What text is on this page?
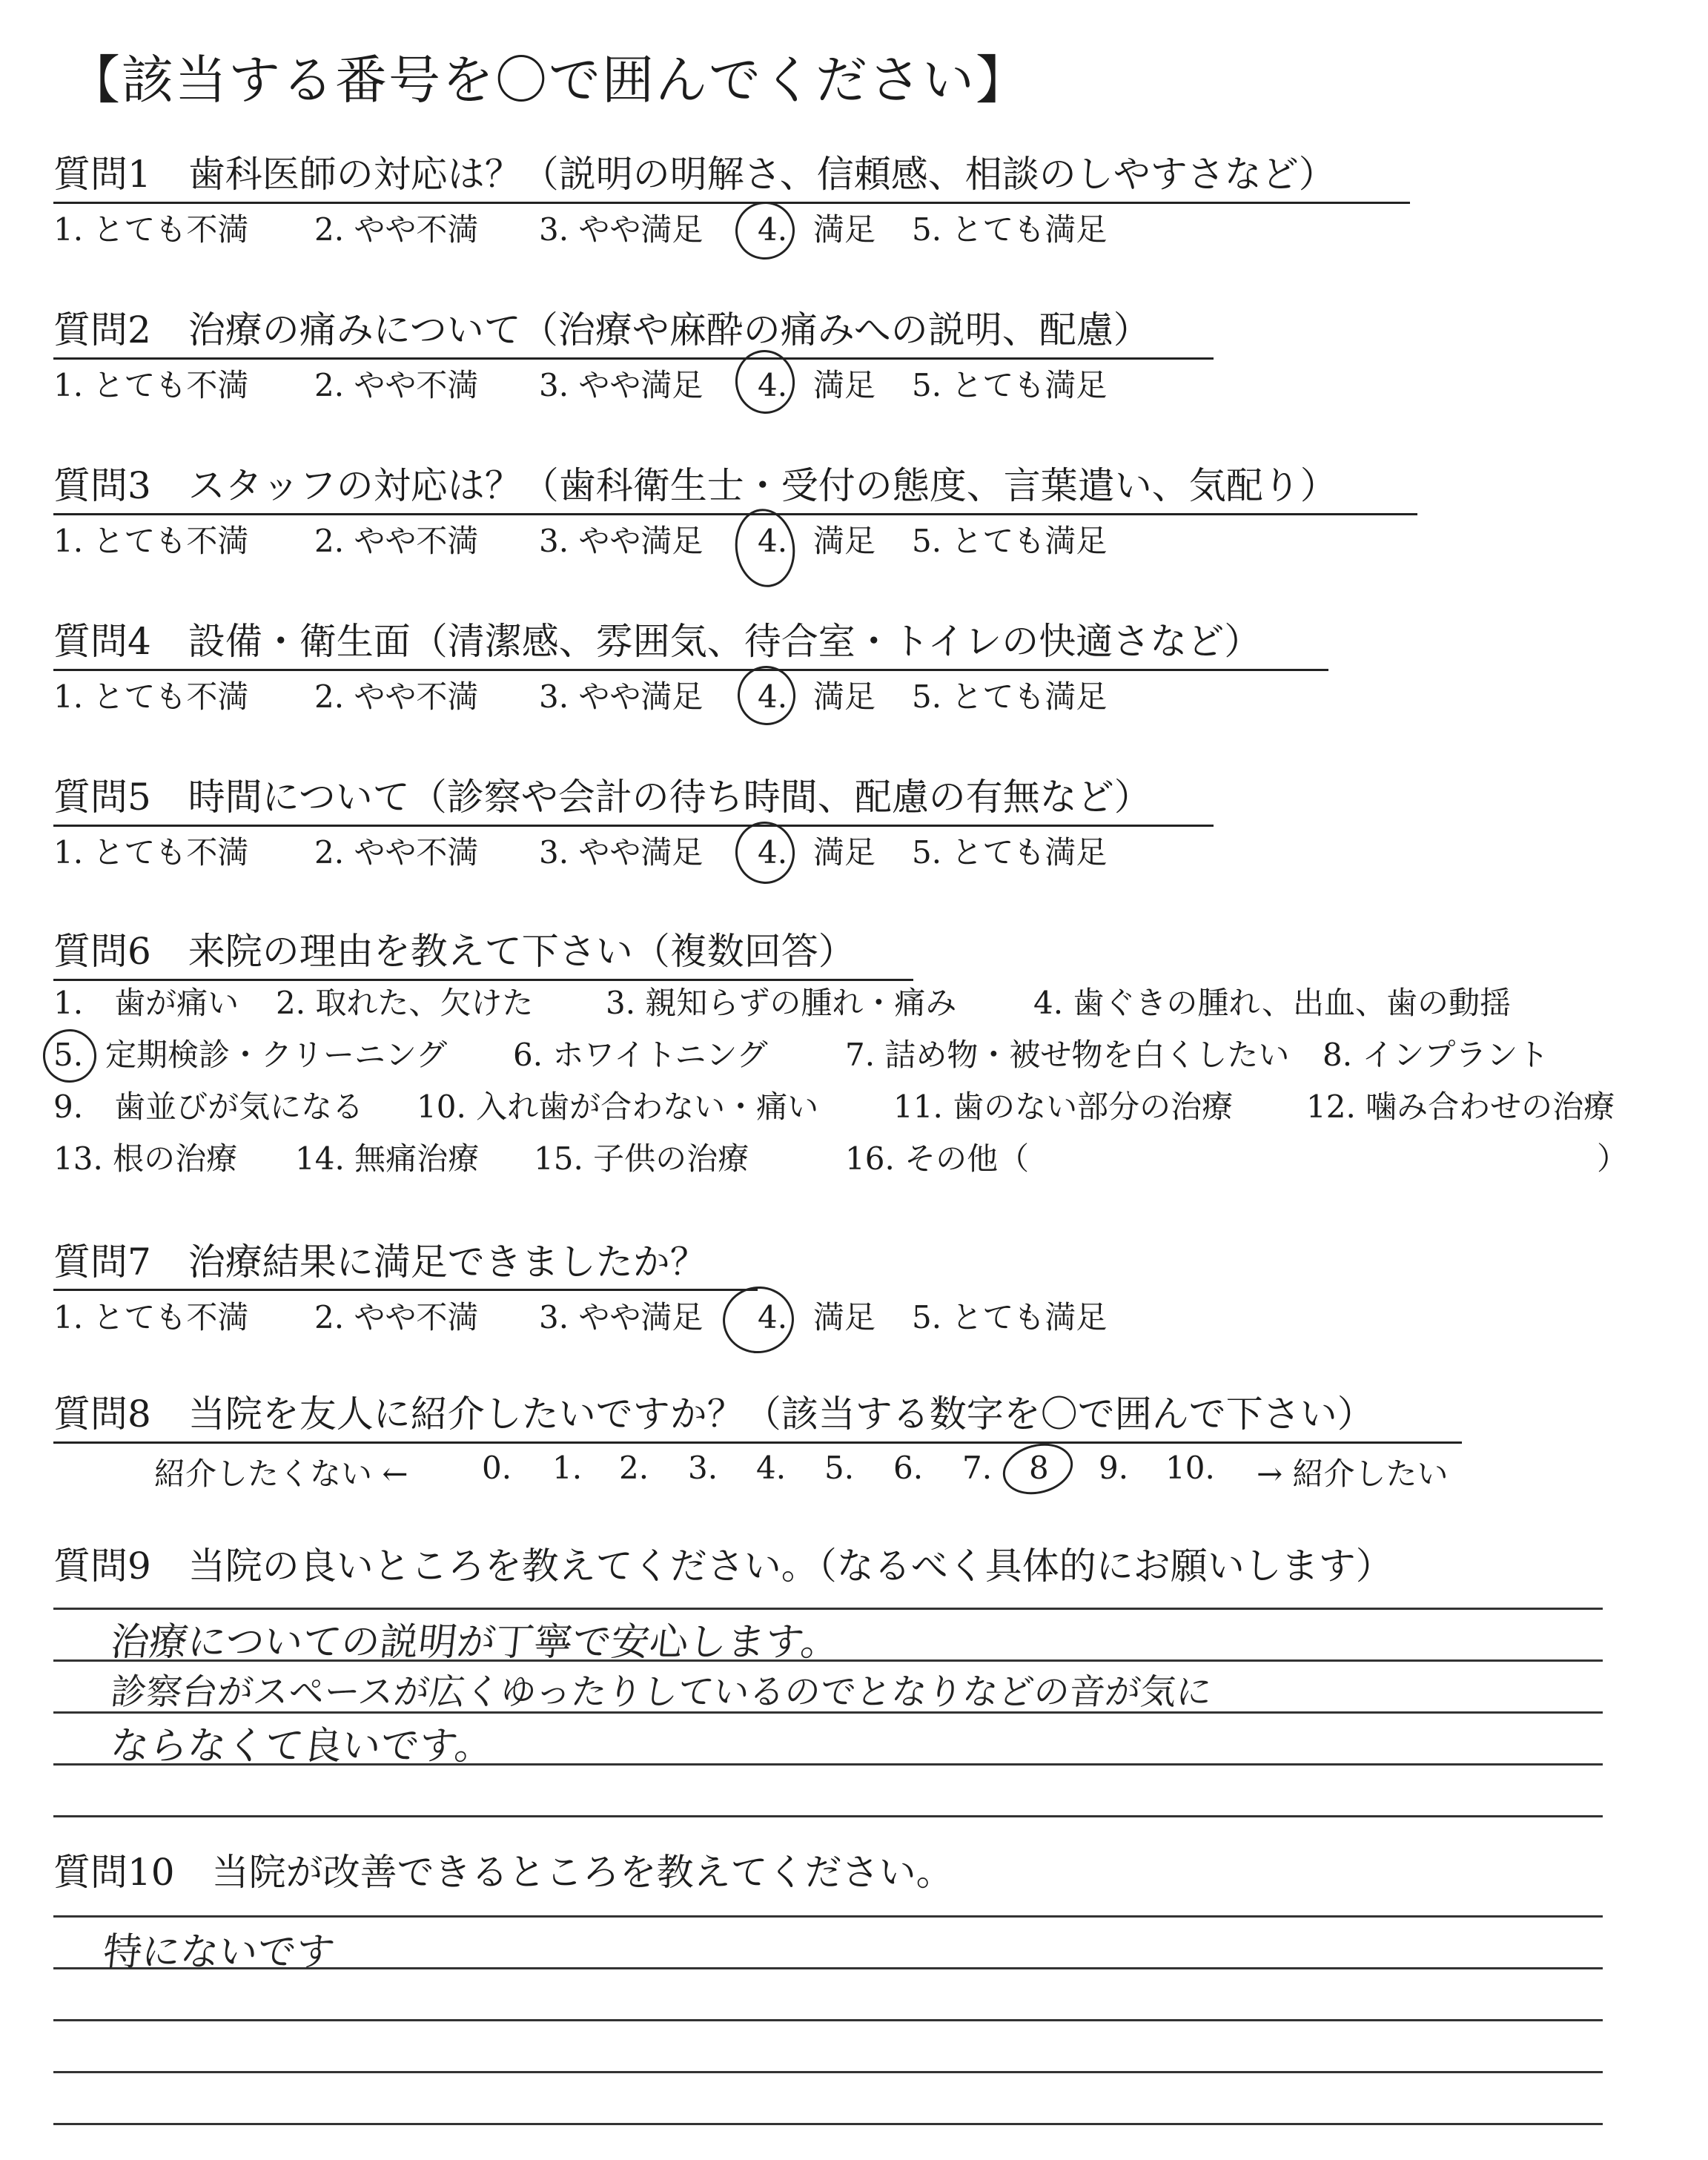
【該当する番号を〇で囲んでください】
質問1　歯科医師の対応は？（説明の明解さ、信頼感、相談のしやすさなど）
1. とても不満 2. やや不満 3. やや満足 4. 満足 5. とても満足
質問2　治療の痛みについて（治療や麻酔の痛みへの説明、配慮）
1. とても不満 2. やや不満 3. やや満足 4. 満足 5. とても満足
質問3　スタッフの対応は？（歯科衛生士・受付の態度、言葉遣い、気配り）
1. とても不満 2. やや不満 3. やや満足 4. 満足 5. とても満足
質問4　設備・衛生面（清潔感、雰囲気、待合室・トイレの快適さなど）
1. とても不満 2. やや不満 3. やや満足 4. 満足 5. とても満足
質問5　時間について（診察や会計の待ち時間、配慮の有無など）
1. とても不満 2. やや不満 3. やや満足 4. 満足 5. とても満足
質問6　来院の理由を教えて下さい（複数回答）
1.　歯が痛い 2. 取れた、欠けた 3. 親知らずの腫れ・痛み 4. 歯ぐきの腫れ、出血、歯の動揺
5. 定期検診・クリーニング 6. ホワイトニング 7. 詰め物・被せ物を白くしたい 8. インプラント
9.　歯並びが気になる 10. 入れ歯が合わない・痛い 11. 歯のない部分の治療 12. 噛み合わせの治療
13. 根の治療 14. 無痛治療 15. 子供の治療	16. その他（	）
質問7　治療結果に満足できましたか？
1. とても不満 2. やや不満 3. やや満足 4. 満足 5. とても満足
質問8　当院を友人に紹介したいですか？（該当する数字を〇で囲んで下さい）
紹介したくない ← 0. 1. 2. 3. 4. 5. 6. 7. 8 9. 10. → 紹介したい
質問9　当院の良いところを教えてください。（なるべく具体的にお願いします）
治療についての説明が丁寧で安心します。
診察台がスペースが広くゆったりしているのでとなりなどの音が気に
ならなくて良いです。
質問10　当院が改善できるところを教えてください。
特にないです
